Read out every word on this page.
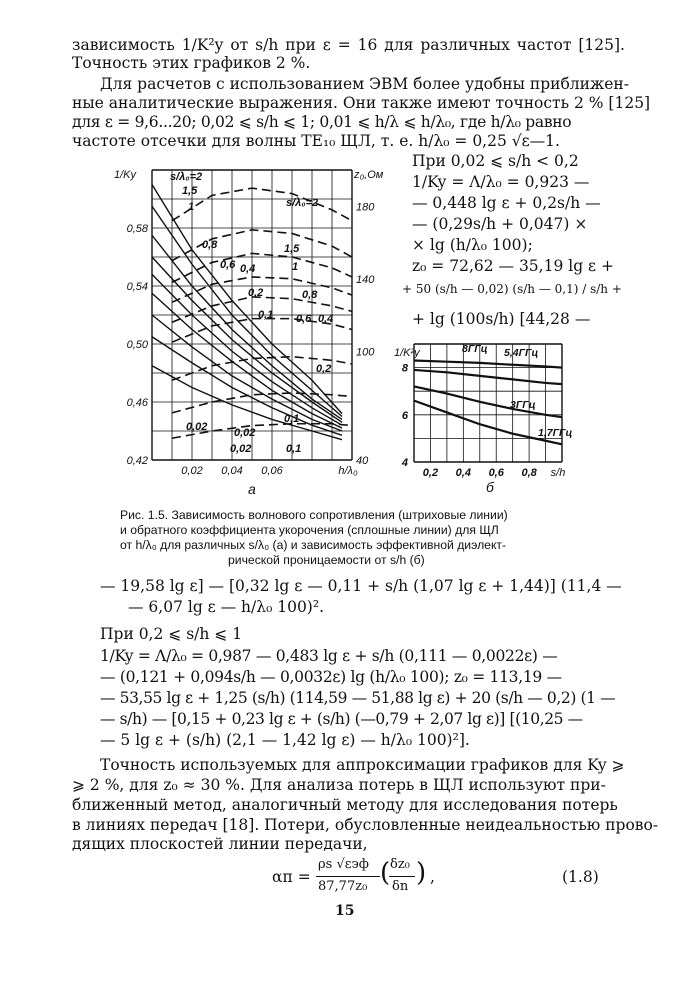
зависимость 1/K²y от s/h при ε = 16 для различных частот [125].
Точность этих графиков 2 %.
Для расчетов с использованием ЭВМ более удобны приближен-
ные аналитические выражения. Они также имеют точность 2 % [125]
для ε = 9,6...20; 0,02 ⩽ s/h ⩽ 1; 0,01 ⩽ h/λ ⩽ h/λ₀, где h/λ₀ равно
частоте отсечки для волны TE₁₀ ЩЛ, т. е. h/λ₀ = 0,25 √ε—1.
При 0,02 ⩽ s/h < 0,2
1/Ky = Λ/λ₀ = 0,923 —
— 0,448 lg ε + 0,2s/h —
— (0,29s/h + 0,047) ×
× lg (h/λ₀ 100);
z₀ = 72,62 — 35,19 lg ε +
+ 50 (s/h — 0,02) (s/h — 0,1) / s/h +
+ lg (100s/h) [44,28 —
0,42
0,46
0,50
0,54
0,58
40
100
140
180
0,02 0,04 0,06	h/λ₀
1/Ky	z₀,Ом
а
s/λ₀=2
1,5
1
0,8
0,6 0,4
0,2
0,1
0,02
0,02	0,1
s/λ₀=2
1,5
1
0,8
0,6 0,4
0,2
0,1
0,02
4
6
8
0,2 0,4 0,6 0,8 s/h
1/K²y
б
8ГГц 5,4ГГц
3ГГц
1,7ГГц
Рис. 1.5. Зависимость волнового сопротивления (штриховые линии)
и обратного коэффициента укорочения (сплошные линии) для ЩЛ
от h/λ₀ для различных s/λ₀ (а) и зависимость эффективной диэлект-
рической проницаемости от s/h (б)
— 19,58 lg ε] — [0,32 lg ε — 0,11 + s/h (1,07 lg ε + 1,44)] (11,4 —
— 6,07 lg ε — h/λ₀ 100)².
При 0,2 ⩽ s/h ⩽ 1
1/Ky = Λ/λ₀ = 0,987 — 0,483 lg ε + s/h (0,111 — 0,0022ε) —
— (0,121 + 0,094s/h — 0,0032ε) lg (h/λ₀ 100); z₀ = 113,19 —
— 53,55 lg ε + 1,25 (s/h) (114,59 — 51,88 lg ε) + 20 (s/h — 0,2) (1 —
— s/h) — [0,15 + 0,23 lg ε + (s/h) (—0,79 + 2,07 lg ε)] [(10,25 —
— 5 lg ε + (s/h) (2,1 — 1,42 lg ε) — h/λ₀ 100)²].
Точность используемых для аппроксимации графиков для Ky ⩾
⩾ 2 %, для z₀ ≈ 30 %. Для анализа потерь в ЩЛ используют при-
ближенный метод, аналогичный методу для исследования потерь
в линиях передач [18]. Потери, обусловленные неидеальностью прово-
дящих плоскостей линии передачи,
αп =
ρs √εэф
87,77z₀ ( δz₀
δn ) ,	(1.8)
15
